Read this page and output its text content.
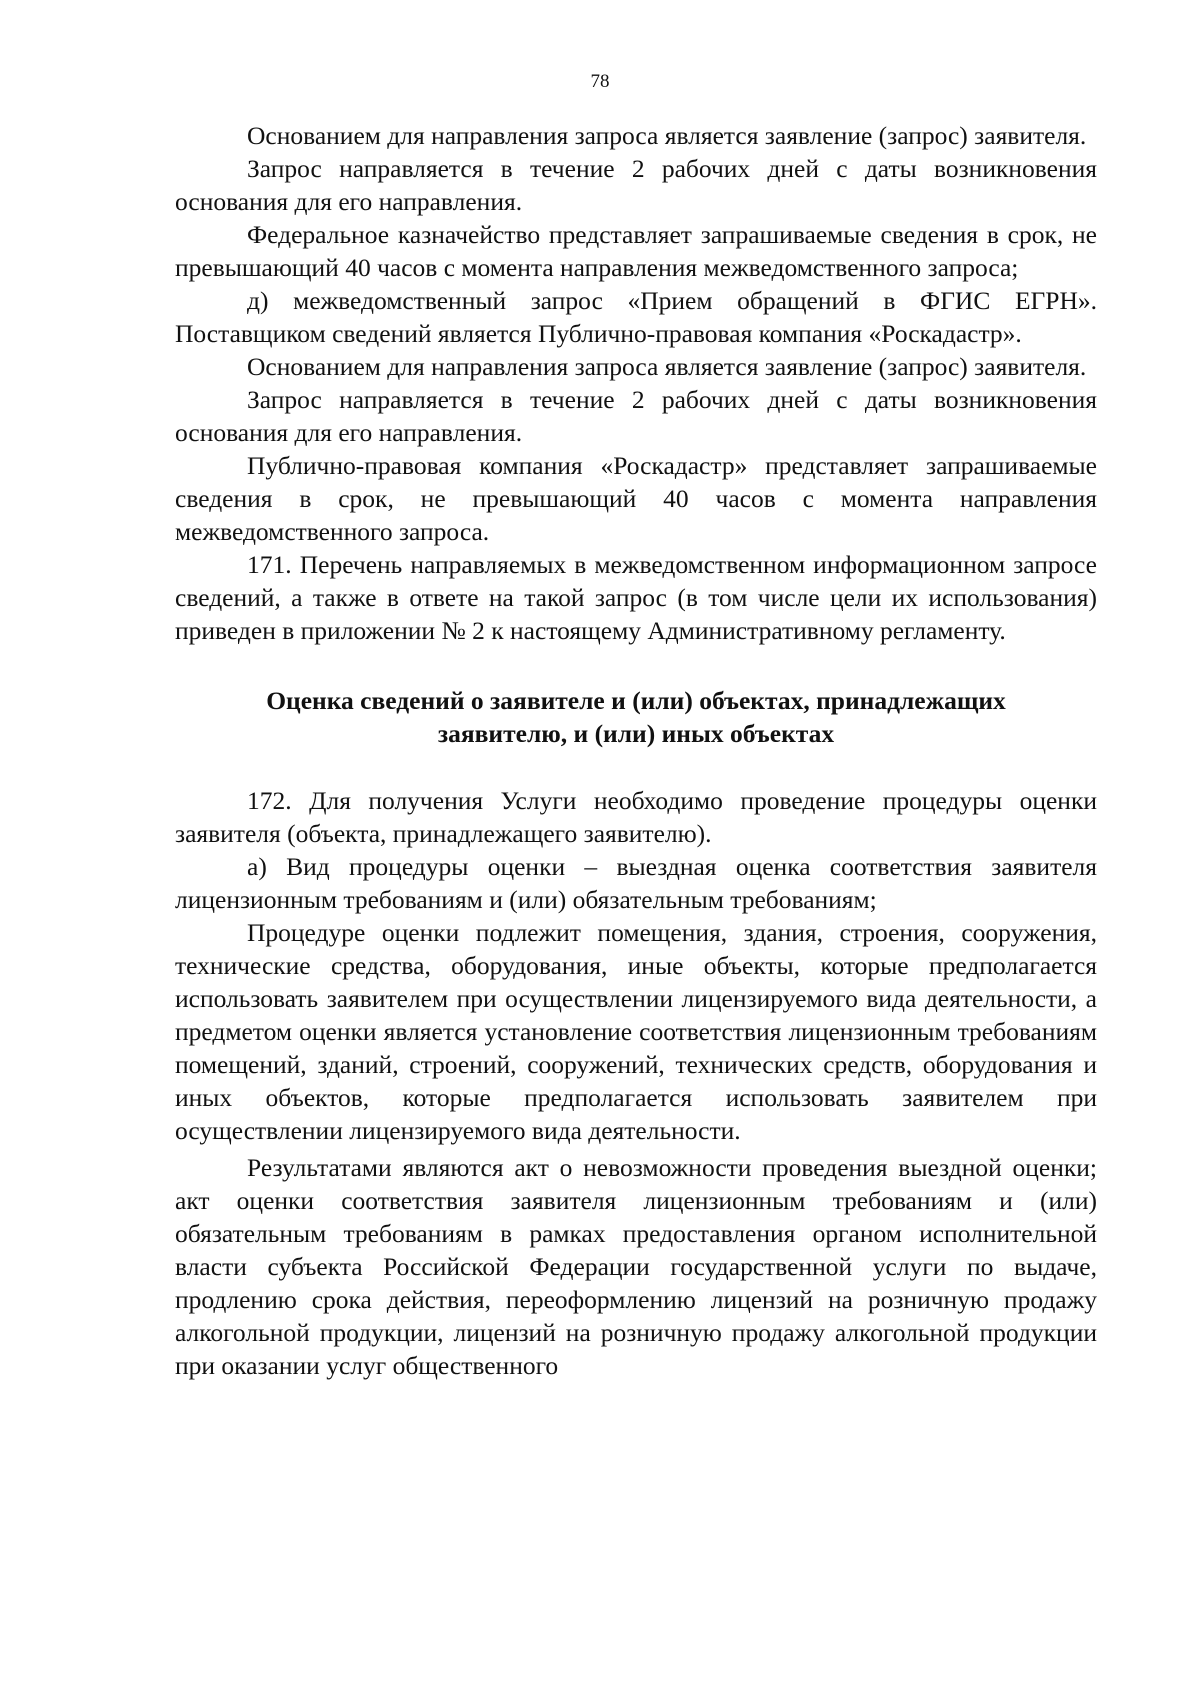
78

Основанием для направления запроса является заявление (запрос) заявителя.

Запрос направляется в течение 2 рабочих дней с даты возникновения основания для его направления.

Федеральное казначейство представляет запрашиваемые сведения в срок, не превышающий 40 часов с момента направления межведомственного запроса;

д) межведомственный запрос «Прием обращений в ФГИС ЕГРН». Поставщиком сведений является Публично-правовая компания «Роскадастр».

Основанием для направления запроса является заявление (запрос) заявителя.

Запрос направляется в течение 2 рабочих дней с даты возникновения основания для его направления.

Публично-правовая компания «Роскадастр» представляет запрашиваемые сведения в срок, не превышающий 40 часов с момента направления межведомственного запроса.

171. Перечень направляемых в межведомственном информационном запросе сведений, а также в ответе на такой запрос (в том числе цели их использования) приведен в приложении № 2 к настоящему Административному регламенту.

Оценка сведений о заявителе и (или) объектах, принадлежащих
заявителю, и (или) иных объектах

172. Для получения Услуги необходимо проведение процедуры оценки заявителя (объекта, принадлежащего заявителю).

а) Вид процедуры оценки – выездная оценка соответствия заявителя лицензионным требованиям и (или) обязательным требованиям;

Процедуре оценки подлежит помещения, здания, строения, сооружения, технические средства, оборудования, иные объекты, которые предполагается использовать заявителем при осуществлении лицензируемого вида деятельности, а предметом оценки является установление соответствия лицензионным требованиям помещений, зданий, строений, сооружений, технических средств, оборудования и иных объектов, которые предполагается использовать заявителем при осуществлении лицензируемого вида деятельности.

Результатами являются акт о невозможности проведения выездной оценки; акт оценки соответствия заявителя лицензионным требованиям и (или) обязательным требованиям в рамках предоставления органом исполнительной власти субъекта Российской Федерации государственной услуги по выдаче, продлению срока действия, переоформлению лицензий на розничную продажу алкогольной продукции, лицензий на розничную продажу алкогольной продукции при оказании услуг общественного
